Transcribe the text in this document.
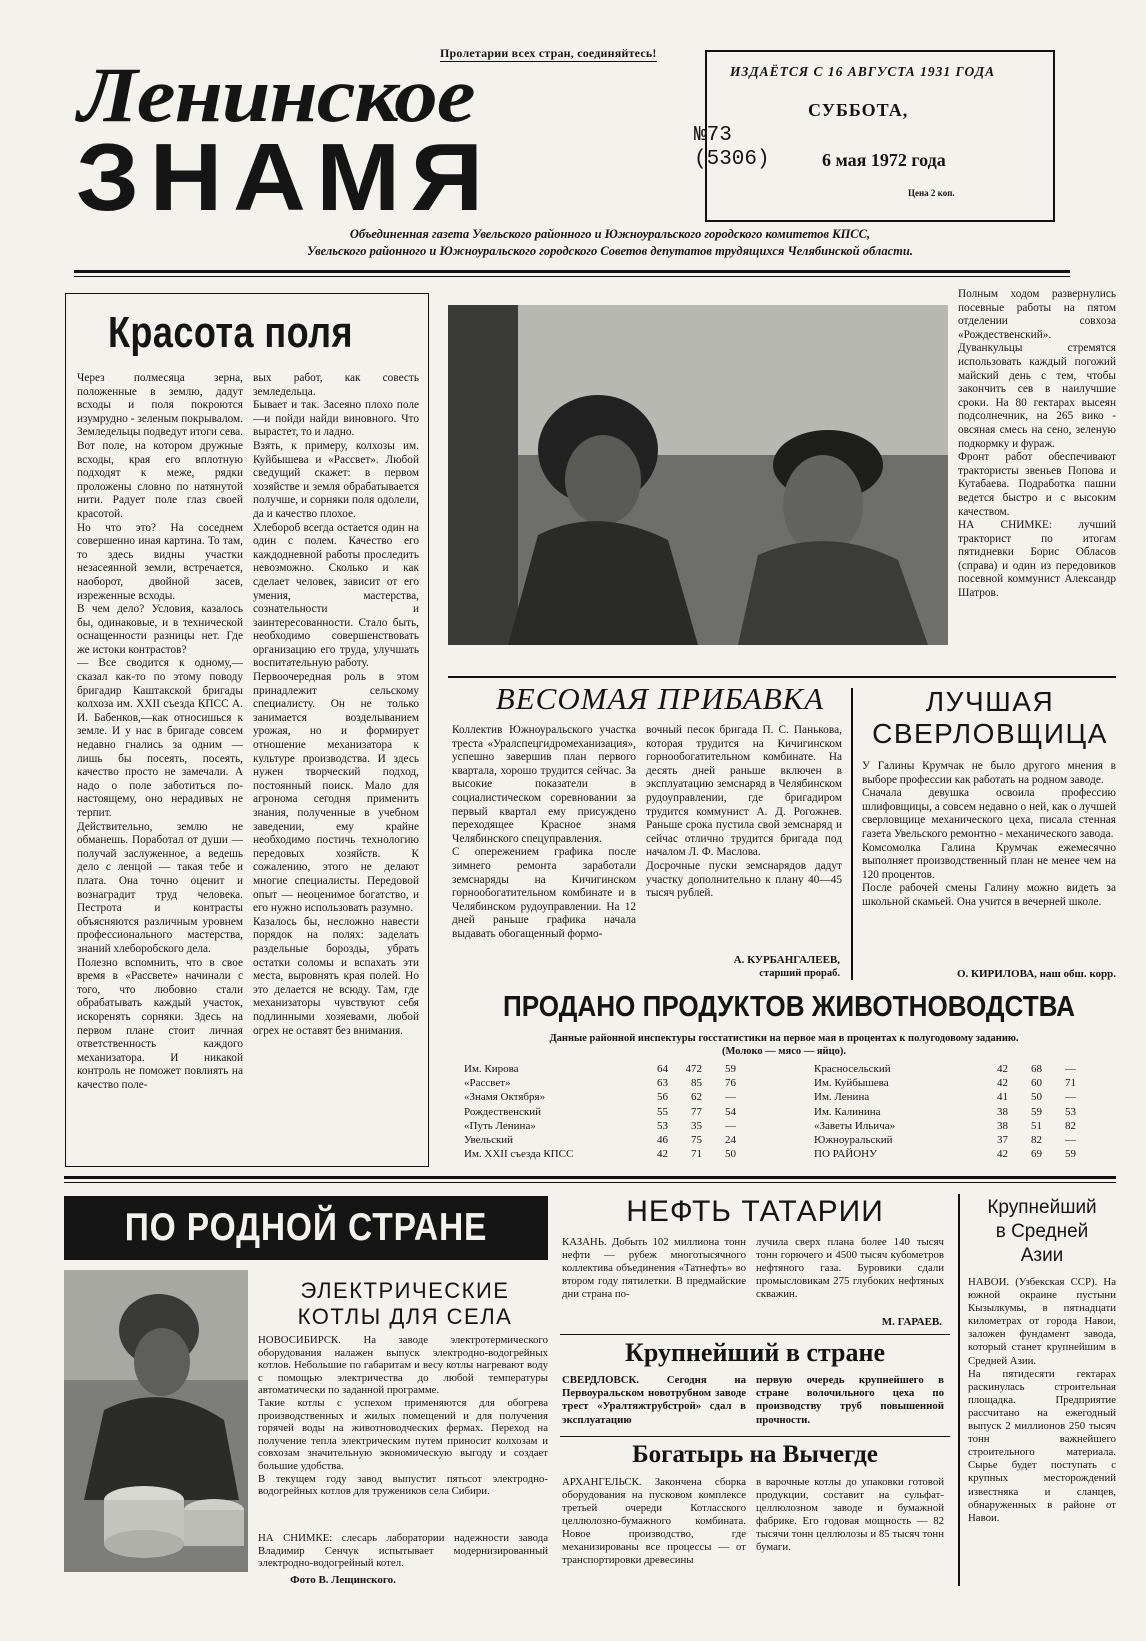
Пролетарии всех стран, соединяйтесь!
Ленинское
ЗНАМЯ	№73
(5306)
ИЗДАЁТСЯ С 16 АВГУСТА 1931 ГОДА
СУББОТА,
6 мая 1972 года
Цена 2 коп.
Объединенная газета Увельского районного и Южноуральского городского комитетов КПСС,
Увельского районного и Южноуральского городского Советов депутатов трудящихся Челябинской области.
Красота поля
Через полмесяца зерна, положенные в землю, дадут всходы и поля покроются изумрудно - зеленым покрывалом. Земледельцы подведут итоги сева. Вот поле, на котором дружные всходы, края его вплотную подходят к меже, рядки проложены словно по натянутой нити. Радует поле глаз своей красотой.
Но что это? На соседнем совершенно иная картина. То там, то здесь видны участки незасеянной земли, встречается, наоборот, двойной засев, изреженные всходы.
В чем дело? Условия, казалось бы, одинаковые, и в технической оснащенности разницы нет. Где же истоки контрастов?
— Все сводится к одному,—сказал как-то по этому поводу бригадир Каштакской бригады колхоза им. XXII съезда КПСС А. И. Бабенков,—как относишься к земле. И у нас в бригаде совсем недавно гнались за одним — лишь бы посеять, посеять, качество просто не замечали. А надо о поле заботиться по-настоящему, оно нерадивых не терпит.
Действительно, землю не обманешь. Поработал от души —получай заслуженное, а ведешь дело с ленцой — такая тебе и плата. Она точно оценит и вознаградит труд человека. Пестрота и контрасты объясняются различным уровнем профессионального мастерства, знаний хлеборобского дела.
Полезно вспомнить, что в свое время в «Рассвете» начинали с того, что любовно стали обрабатывать каждый участок, искоренять сорняки. Здесь на первом плане стоит личная ответственность каждого механизатора. И никакой контроль не поможет повлиять на качество поле-
вых работ, как совесть земледельца.
Бывает и так. Засеяно плохо поле—и пойди найди виновного. Что вырастет, то и ладно.
Взять, к примеру, колхозы им. Куйбышева и «Рассвет». Любой сведущий скажет: в первом хозяйстве и земля обрабатывается получше, и сорняки поля одолели, да и качество плохое.
Хлебороб всегда остается один на один с полем. Качество его каждодневной работы проследить невозможно. Сколько и как сделает человек, зависит от его умения, мастерства, сознательности и заинтересованности. Стало быть, необходимо совершенствовать организацию его труда, улучшать воспитательную работу.
Первоочередная роль в этом принадлежит сельскому специалисту. Он не только занимается возделыванием урожая, но и формирует отношение механизатора к культуре производства. И здесь нужен творческий подход, постоянный поиск. Мало для агронома сегодня применить знания, полученные в учебном заведении, ему крайне необходимо постичь технологию передовых хозяйств. К сожалению, этого не делают многие специалисты. Передовой опыт — неоценимое богатство, и его нужно использовать разумно.
Казалось бы, несложно навести порядок на полях: заделать раздельные борозды, убрать остатки соломы и вспахать эти места, выровнять края полей. Но это делается не всюду. Там, где механизаторы чувствуют себя подлинными хозяевами, любой огрех не оставят без внимания.
Полным ходом развернулись посевные работы на пятом отделении совхоза «Рождественский». Дуванкульцы стремятся использовать каждый погожий майский день с тем, чтобы закончить сев в наилучшие сроки. На 80 гектарах высеян подсолнечник, на 265 вико - овсяная смесь на сено, зеленую подкормку и фураж.
Фронт работ обеспечивают трактористы звеньев Попова и Кутабаева. Подработка пашни ведется быстро и с высоким качеством.
НА СНИМКЕ: лучший тракторист по итогам пятидневки Борис Обласов (справа) и один из передовиков посевной коммунист Александр Шатров.
ВЕСОМАЯ ПРИБАВКА
Коллектив Южноуральского участка треста «Уралспецгидромеханизация», успешно завершив план первого квартала, хорошо трудится сейчас. За высокие показатели в социалистическом соревновании за первый квартал ему присуждено переходящее Красное знамя Челябинского спецуправления.
С опережением графика после зимнего ремонта заработали земснаряды на Кичигинском горнообогатительном комбинате и в Челябинском рудоуправлении. На 12 дней раньше графика начала выдавать обогащенный формо-
вочный песок бригада П. С. Паньковa, которая трудится на Кичигинском горнообогатительном комбинате. На десять дней раньше включен в эксплуатацию земснаряд в Челябинском рудоуправлении, где бригадиром трудится коммунист А. Д. Рогожнев. Раньше срока пустила свой земснаряд и сейчас отлично трудится бригада под началом Л. Ф. Маслова.
Досрочные пуски земснарядов дадут участку дополнительно к плану 40—45 тысяч рублей.
А. КУРБАНГАЛЕЕВ,
старший прораб.
ЛУЧШАЯ
СВЕРЛОВЩИЦА
У Галины Крумчак не было другого мнения в выборе профессии как работать на родном заводе.
Сначала девушка освоила профессию шлифовщицы, а совсем недавно о ней, как о лучшей сверловщице механического цеха, писала стенная газета Увельского ремонтно - механического завода.
Комсомолка Галина Крумчак ежемесячно выполняет производственный план не менее чем на 120 процентов.
После рабочей смены Галину можно видеть за школьной скамьей. Она учится в вечерней школе.
О. КИРИЛОВА, наш обш. корр.
ПРОДАНО ПРОДУКТОВ ЖИВОТНОВОДСТВА
Данные районной инспектуры госстатистики на первое мая в процентах к полугодовому заданию.
(Молоко — мясо — яйцо).
Им. Кирова	64	472	59
«Рассвет»	63	85	76
«Знамя Октября»	56	62	—
Рождественский	55	77	54
«Путь Ленина»	53	35	—
Увельский	46	75	24
Им. XXII съезда КПСС	42	71	50
Красносельский	42	68	—
Им. Куйбышева	42	60	71
Им. Ленина	41	50	—
Им. Калинина	38	59	53
«Заветы Ильича»	38	51	82
Южноуральский	37	82	—
ПО РАЙОНУ	42	69	59
ПО РОДНОЙ СТРАНЕ
ЭЛЕКТРИЧЕСКИЕ
КОТЛЫ ДЛЯ СЕЛА
НОВОСИБИРСК. На заводе электротермического оборудования налажен выпуск электродно-водогрейных котлов. Небольшие по габаритам и весу котлы нагревают воду с помощью электричества до любой температуры автоматически по заданной программе.
Такие котлы с успехом применяются для обогрева производственных и жилых помещений и для получения горячей воды на животноводческих фермах. Переход на получение тепла электрическим путем приносит колхозам и совхозам значительную экономическую выгоду и создает большие удобства.
В текущем году завод выпустит пятьсот электродно-водогрейных котлов для тружеников села Сибири.
НА СНИМКЕ: слесарь лаборатории надежности завода Владимир Сенчук испытывает модернизированный электродно-водогрейный котел.
Фото В. Лещинского.
НЕФТЬ ТАТАРИИ
КАЗАНЬ. Добыть 102 миллиона тонн нефти — рубеж многотысячного коллектива объединения «Татнефть» во втором году пятилетки. В предмайские дни страна по-
лучила сверх плана более 140 тысяч тонн горючего и 4500 тысяч кубометров нефтяного газа. Буровики сдали промысловикам 275 глубоких нефтяных скважин.
М. ГАРАЕВ.
Крупнейший в стране
СВЕРДЛОВСК. Сегодня на Первоуральском новотрубном заводе трест «Уралтяжтрубстрой» сдал в эксплуатацию
первую очередь крупнейшего в стране волочильного цеха по производству труб повышенной прочности.
Богатырь на Вычегде
АРХАНГЕЛЬСК. Закончена сборка оборудования на пусковом комплексе третьей очереди Котласского целлюлозно-бумажного комбината. Новое производство, где механизированы все процессы — от транспортировки древесины
в варочные котлы до упаковки готовой продукции, составит на сульфат-целлюлозном заводе и бумажной фабрике. Его годовая мощность — 82 тысячи тонн целлюлозы и 85 тысяч тонн бумаги.
Крупнейший
в Средней
Азии
НАВОИ. (Узбекская ССР). На южной окраине пустыни Кызылкумы, в пятнадцати километрах от города Навои, заложен фундамент завода, который станет крупнейшим в Средней Азии.
На пятидесяти гектарах раскинулась строительная площадка. Предприятие рассчитано на ежегодный выпуск 2 миллионов 250 тысяч тонн важнейшего строительного материала. Сырье будет поступать с крупных месторождений известняка и сланцев, обнаруженных в районе от Навои.
